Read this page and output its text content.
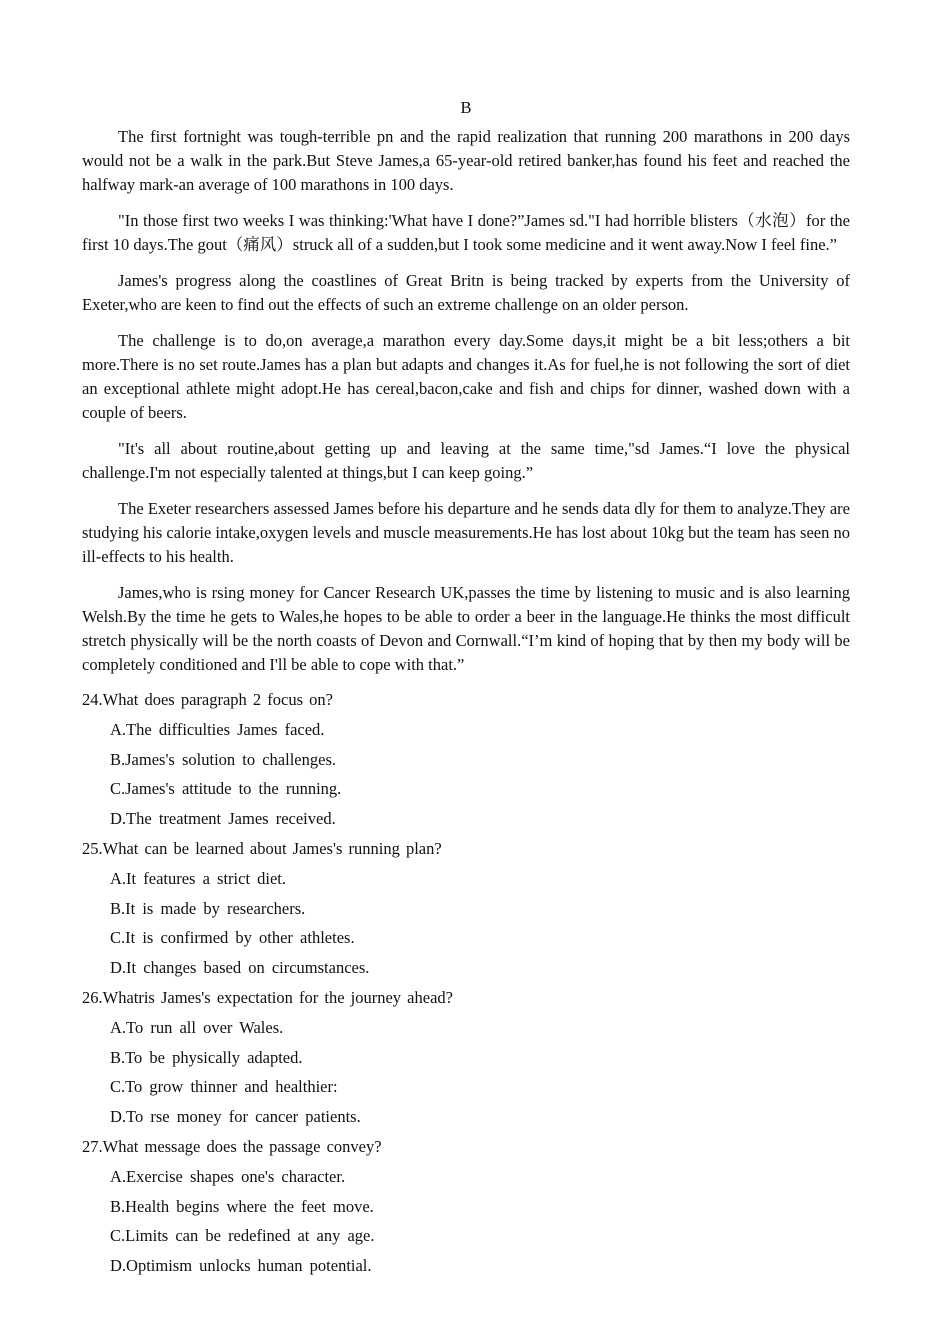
B

The first fortnight was tough-terrible pn and the rapid realization that running 200 marathons in 200 days would not be a walk in the park.But Steve James,a 65-year-old retired banker,has found his feet and reached the halfway mark-an average of 100 marathons in 100 days.

"In those first two weeks I was thinking:'What have I done?”James sd."I had horrible blisters（水泡）for the first 10 days.The gout（痛风）struck all of a sudden,but I took some medicine and it went away.Now I feel fine.”

James's progress along the coastlines of Great Britn is being tracked by experts from the University of Exeter,who are keen to find out the effects of such an extreme challenge on an older person.

The challenge is to do,on average,a marathon every day.Some days,it might be a bit less;others a bit more.There is no set route.James has a plan but adapts and changes it.As for fuel,he is not following the sort of diet an exceptional athlete might adopt.He has cereal,bacon,cake and fish and chips for dinner, washed down with a couple of beers.

"It's all about routine,about getting up and leaving at the same time,"sd James.“I love the physical challenge.I'm not especially talented at things,but I can keep going.”

The Exeter researchers assessed James before his departure and he sends data dly for them to analyze.They are studying his calorie intake,oxygen levels and muscle measurements.He has lost about 10kg but the team has seen no ill-effects to his health.

James,who is rsing money for Cancer Research UK,passes the time by listening to music and is also learning Welsh.By the time he gets to Wales,he hopes to be able to order a beer in the language.He thinks the most difficult stretch physically will be the north coasts of Devon and Cornwall.“I’m kind of hoping that by then my body will be completely conditioned and I'll be able to cope with that.”

24.What does paragraph 2 focus on?

A.The difficulties James faced.

B.James's solution to challenges.

C.James's attitude to the running.

D.The treatment James received.

25.What can be learned about James's running plan?

A.It features a strict diet.

B.It is made by researchers.

C.It is confirmed by other athletes.

D.It changes based on circumstances.

26.Whatris James's expectation for the journey ahead?

A.To run all over Wales.

B.To be physically adapted.

C.To grow thinner and healthier:

D.To rse money for cancer patients.

27.What message does the passage convey?

A.Exercise shapes one's character.

B.Health begins where the feet move.

C.Limits can be redefined at any age.

D.Optimism unlocks human potential.
